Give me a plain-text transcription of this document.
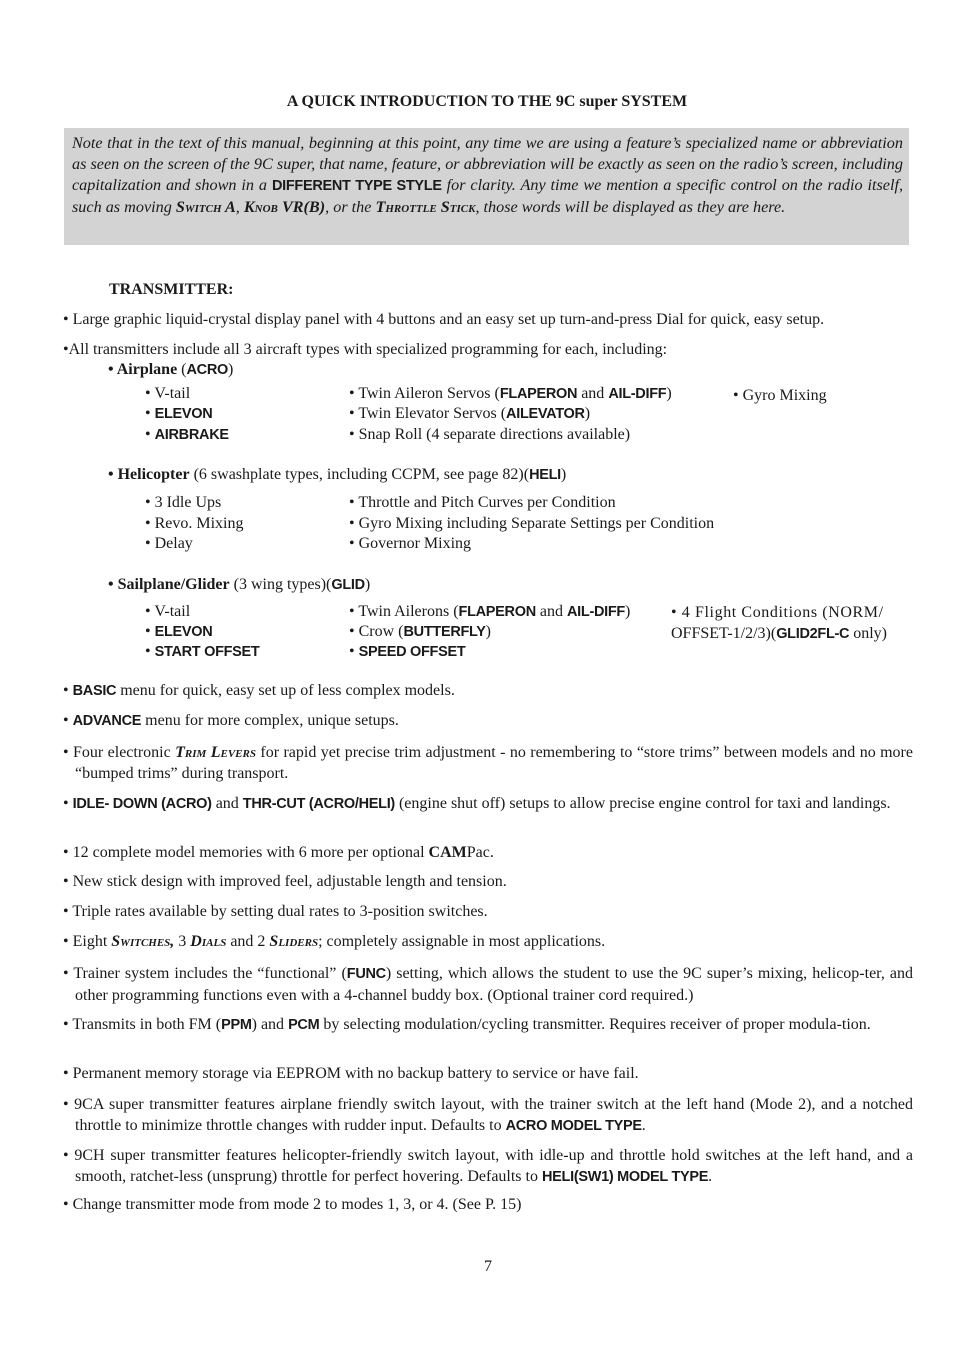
A QUICK INTRODUCTION TO THE 9C super SYSTEM
Note that in the text of this manual, beginning at this point, any time we are using a feature’s specialized name or abbreviation as seen on the screen of the 9C super, that name, feature, or abbreviation will be exactly as seen on the radio’s screen, including capitalization and shown in a DIFFERENT TYPE STYLE for clarity. Any time we mention a specific control on the radio itself, such as moving Switch A, Knob VR(B), or the Throttle Stick, those words will be displayed as they are here.
TRANSMITTER:
• Large graphic liquid-crystal display panel with 4 buttons and an easy set up turn-and-press Dial for quick, easy setup.
•All transmitters include all 3 aircraft types with specialized programming for each, including:
• Airplane (ACRO)
• V-tail
• ELEVON
• AIRBRAKE
• Twin Aileron Servos (FLAPERON and AIL-DIFF)
• Twin Elevator Servos (AILEVATOR)
• Snap Roll (4 separate directions available)
• Gyro Mixing
• Helicopter (6 swashplate types, including CCPM, see page 82)(HELI)
• 3 Idle Ups
• Revo. Mixing
• Delay
• Throttle and Pitch Curves per Condition
• Gyro Mixing including Separate Settings per Condition
• Governor Mixing
• Sailplane/Glider (3 wing types)(GLID)
• V-tail
• ELEVON
• START OFFSET
• Twin Ailerons (FLAPERON and AIL-DIFF)
• Crow (BUTTERFLY)
• SPEED OFFSET
• 4 Flight Conditions (NORM/
OFFSET-1/2/3)(GLID2FL-C only)
• BASIC menu for quick, easy set up of less complex models.
• ADVANCE menu for more complex, unique setups.
• Four electronic Trim Levers for rapid yet precise trim adjustment - no remembering to “store trims” between models and no more “bumped trims” during transport.
• IDLE- DOWN (ACRO) and THR-CUT (ACRO/HELI) (engine shut off) setups to allow precise engine control for taxi and landings.
• 12 complete model memories with 6 more per optional CAMPac.
• New stick design with improved feel, adjustable length and tension.
• Triple rates available by setting dual rates to 3-position switches.
• Eight Switches, 3 Dials and 2 Sliders; completely assignable in most applications.
• Trainer system includes the “functional” (FUNC) setting, which allows the student to use the 9C super’s mixing, helicop-ter, and other programming functions even with a 4-channel buddy box. (Optional trainer cord required.)
• Transmits in both FM (PPM) and PCM by selecting modulation/cycling transmitter. Requires receiver of proper modula-tion.
• Permanent memory storage via EEPROM with no backup battery to service or have fail.
• 9CA super transmitter features airplane friendly switch layout, with the trainer switch at the left hand (Mode 2), and a notched throttle to minimize throttle changes with rudder input. Defaults to ACRO MODEL TYPE.
• 9CH super transmitter features helicopter-friendly switch layout, with idle-up and throttle hold switches at the left hand, and a smooth, ratchet-less (unsprung) throttle for perfect hovering. Defaults to HELI(SW1) MODEL TYPE.
• Change transmitter mode from mode 2 to modes 1, 3, or 4. (See P. 15)
7
